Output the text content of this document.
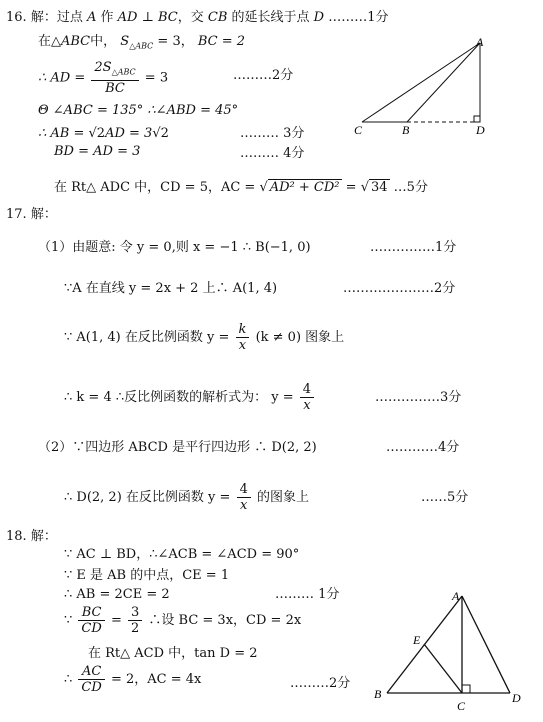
16. 解：过点 A 作 AD ⊥ BC，交 CB 的延长线于点 D ………1分
在△ABC中， $S_{\triangle ABC} = 3$， BC = 2
∴ AD = $\frac{2S_{\triangle ABC}}{BC} = 3$	………2分
Θ ∠ABC = 135° ∴∠ABD = 45°
∴ AB = √2AD = 3√2	……… 3分
BD = AD = 3	……… 4分
在 Rt△ ADC 中，CD = 5，AC = √ AD² + CD² = √ 34 …5分
A
B
C	D
17. 解：
（1）由题意: 令 y = 0,则 x = −1 ∴ B(−1, 0)	……………1分
∵A 在直线 y = 2x + 2 上∴ A(1, 4)	…………………2分
∵ A(1, 4) 在反比例函数 $y = \frac{k}{x} (k \ne 0)$ 图象上
∴ k = 4 ∴反比例函数的解析式为： $y = \frac{4}{x}$	……………3分
（2）∵四边形 ABCD 是平行四边形 ∴ D(2, 2)	…………4分
∴ D(2, 2) 在反比例函数 $y = \frac{4}{x}$ 的图象上	……5分
18. 解：
∵ AC ⊥ BD，∴∠ACB = ∠ACD = 90°
∵ E 是 AB 的中点，CE = 1
∴ AB = 2CE = 2	……… 1分
∵ $\frac{BC}{CD} = \frac{3}{2}$ ∴设 BC = 3x，CD = 2x
在 Rt△ ACD 中，tan D = 2
∴ $\frac{AC}{CD} = 2$，AC = 4x	………2分
A
B
C
D
E
